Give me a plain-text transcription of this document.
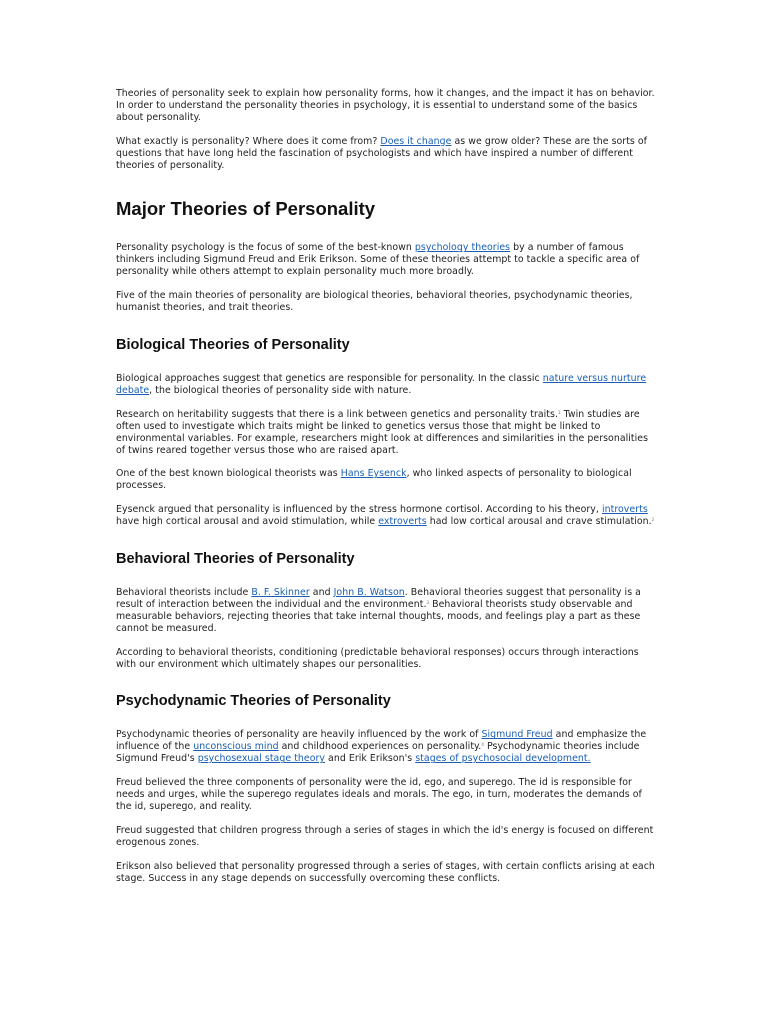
Theories of personality seek to explain how personality forms, how it changes, and the impact it has on behavior. In order to understand the personality theories in psychology, it is essential to understand some of the basics about personality.

What exactly is personality? Where does it come from? Does it change as we grow older? These are the sorts of questions that have long held the fascination of psychologists and which have inspired a number of different theories of personality.

Major Theories of Personality

Personality psychology is the focus of some of the best-known psychology theories by a number of famous thinkers including Sigmund Freud and Erik Erikson. Some of these theories attempt to tackle a specific area of personality while others attempt to explain personality much more broadly.

Five of the main theories of personality are biological theories, behavioral theories, psychodynamic theories, humanist theories, and trait theories.

Biological Theories of Personality

Biological approaches suggest that genetics are responsible for personality. In the classic nature versus nurture debate, the biological theories of personality side with nature.

Research on heritability suggests that there is a link between genetics and personality traits.$^1$ Twin studies are often used to investigate which traits might be linked to genetics versus those that might be linked to environmental variables. For example, researchers might look at differences and similarities in the personalities of twins reared together versus those who are raised apart.

One of the best known biological theorists was Hans Eysenck, who linked aspects of personality to biological processes.

Eysenck argued that personality is influenced by the stress hormone cortisol. According to his theory, introverts have high cortical arousal and avoid stimulation, while extroverts had low cortical arousal and crave stimulation.$^2$

Behavioral Theories of Personality

Behavioral theorists include B. F. Skinner and John B. Watson. Behavioral theories suggest that personality is a result of interaction between the individual and the environment.$^3$ Behavioral theorists study observable and measurable behaviors, rejecting theories that take internal thoughts, moods, and feelings play a part as these cannot be measured.

According to behavioral theorists, conditioning (predictable behavioral responses) occurs through interactions with our environment which ultimately shapes our personalities.

Psychodynamic Theories of Personality

Psychodynamic theories of personality are heavily influenced by the work of Sigmund Freud and emphasize the influence of the unconscious mind and childhood experiences on personality.$^4$ Psychodynamic theories include Sigmund Freud's psychosexual stage theory and Erik Erikson's stages of psychosocial development.

Freud believed the three components of personality were the id, ego, and superego. The id is responsible for needs and urges, while the superego regulates ideals and morals. The ego, in turn, moderates the demands of the id, superego, and reality.

Freud suggested that children progress through a series of stages in which the id's energy is focused on different erogenous zones.

Erikson also believed that personality progressed through a series of stages, with certain conflicts arising at each stage. Success in any stage depends on successfully overcoming these conflicts.
